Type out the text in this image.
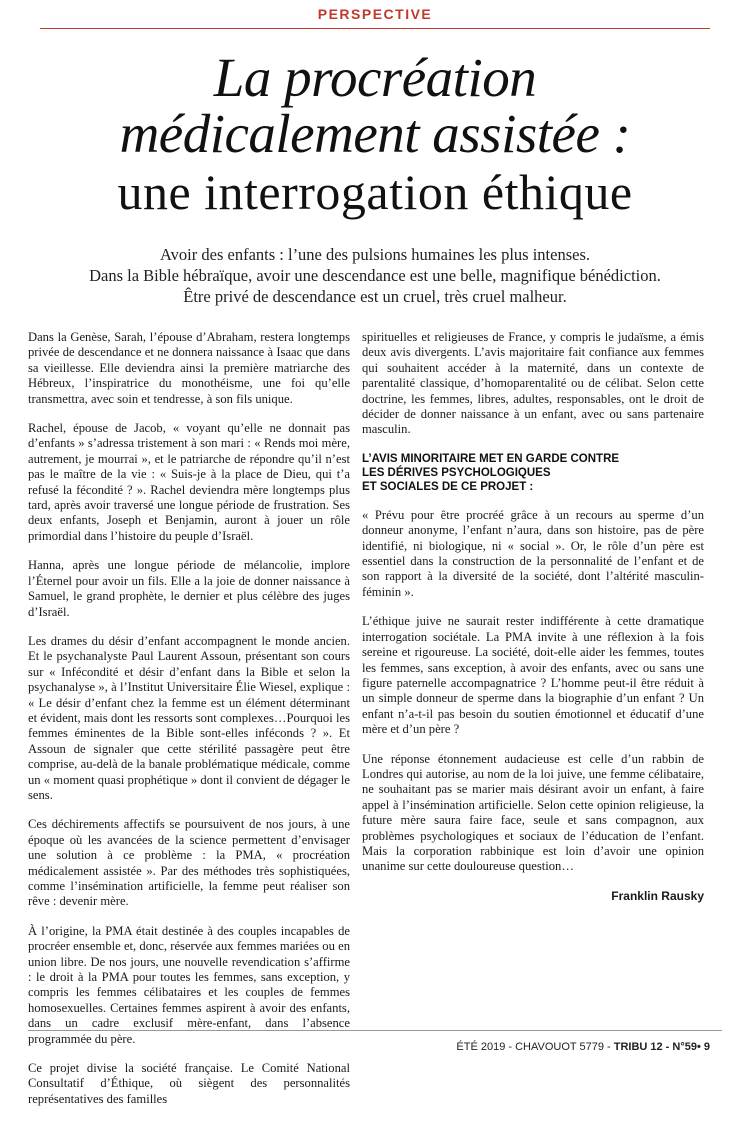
PERSPECTIVE
La procréation
médicalement assistée :
une interrogation éthique
Avoir des enfants : l’une des pulsions humaines les plus intenses.
Dans la Bible hébraïque, avoir une descendance est une belle, magnifique bénédiction.
Être privé de descendance est un cruel, très cruel malheur.

Dans la Genèse, Sarah, l’épouse d’Abraham, restera longtemps privée de descendance et ne donnera naissance à Isaac que dans sa vieillesse. Elle deviendra ainsi la première matriarche des Hébreux, l’inspiratrice du monothéisme, une foi qu’elle transmettra, avec soin et tendresse, à son fils unique.

Rachel, épouse de Jacob, « voyant qu’elle ne donnait pas d’enfants » s’adressa tristement à son mari : « Rends moi mère, autrement, je mourrai », et le patriarche de répondre qu’il n’est pas le maître de la vie : « Suis-je à la place de Dieu, qui t’a refusé la fécondité ? ». Rachel deviendra mère longtemps plus tard, après avoir traversé une longue période de frustration. Ses deux enfants, Joseph et Benjamin, auront à jouer un rôle primordial dans l’histoire du peuple d’Israël.

Hanna, après une longue période de mélancolie, implore l’Éternel pour avoir un fils. Elle a la joie de donner naissance à Samuel, le grand prophète, le dernier et plus célèbre des juges d’Israël.

Les drames du désir d’enfant accompagnent le monde ancien. Et le psychanalyste Paul Laurent Assoun, présentant son cours sur « Infécondité et désir d’enfant dans la Bible et selon la psychanalyse », à l’Institut Universitaire Élie Wiesel, explique : « Le désir d’enfant chez la femme est un élément déterminant et évident, mais dont les ressorts sont complexes…Pourquoi les femmes éminentes de la Bible sont-elles inféconds ? ». Et Assoun de signaler que cette stérilité passagère peut être comprise, au-delà de la banale problématique médicale, comme un « moment quasi prophétique » dont il convient de dégager le sens.

Ces déchirements affectifs se poursuivent de nos jours, à une époque où les avancées de la science permettent d’envisager une solution à ce problème : la PMA, « procréation médicalement assistée ». Par des méthodes très sophistiquées, comme l’insémination artificielle, la femme peut réaliser son rêve : devenir mère.

À l’origine, la PMA était destinée à des couples incapables de procréer ensemble et, donc, réservée aux femmes mariées ou en union libre. De nos jours, une nouvelle revendication s’affirme : le droit à la PMA pour toutes les femmes, sans exception, y compris les femmes célibataires et les couples de femmes homosexuelles. Certaines femmes aspirent à avoir des enfants, dans un cadre exclusif mère-enfant, dans l’absence programmée du père.

Ce projet divise la société française. Le Comité National Consultatif d’Éthique, où siègent des personnalités représentatives des familles

spirituelles et religieuses de France, y compris le judaïsme, a émis deux avis divergents. L’avis majoritaire fait confiance aux femmes qui souhaitent accéder à la maternité, dans un contexte de parentalité classique, d’homoparentalité ou de célibat. Selon cette doctrine, les femmes, libres, adultes, responsables, ont le droit de décider de donner naissance à un enfant, avec ou sans partenaire masculin.

L’AVIS MINORITAIRE MET EN GARDE CONTRE
LES DÉRIVES PSYCHOLOGIQUES
ET SOCIALES DE CE PROJET :

« Prévu pour être procréé grâce à un recours au sperme d’un donneur anonyme, l’enfant n’aura, dans son histoire, pas de père identifié, ni biologique, ni « social ». Or, le rôle d’un père est essentiel dans la construction de la personnalité de l’enfant et de son rapport à la diversité de la société, dont l’altérité masculin-féminin ».

L’éthique juive ne saurait rester indifférente à cette dramatique interrogation sociétale. La PMA invite à une réflexion à la fois sereine et rigoureuse. La société, doit-elle aider les femmes, toutes les femmes, sans exception, à avoir des enfants, avec ou sans une figure paternelle accompagnatrice ? L’homme peut-il être réduit à un simple donneur de sperme dans la biographie d’un enfant ? Un enfant n’a-t-il pas besoin du soutien émotionnel et éducatif d’une mère et d’un père ?

Une réponse étonnement audacieuse est celle d’un rabbin de Londres qui autorise, au nom de la loi juive, une femme célibataire, ne souhaitant pas se marier mais désirant avoir un enfant, à faire appel à l’insémination artificielle. Selon cette opinion religieuse, la future mère saura faire face, seule et sans compagnon, aux problèmes psychologiques et sociaux de l’éducation de l’enfant. Mais la corporation rabbinique est loin d’avoir une opinion unanime sur cette douloureuse question…

Franklin Rausky
ÉTÉ 2019 - CHAVOUOT 5779 - TRIBU 12 - N°59• 9
